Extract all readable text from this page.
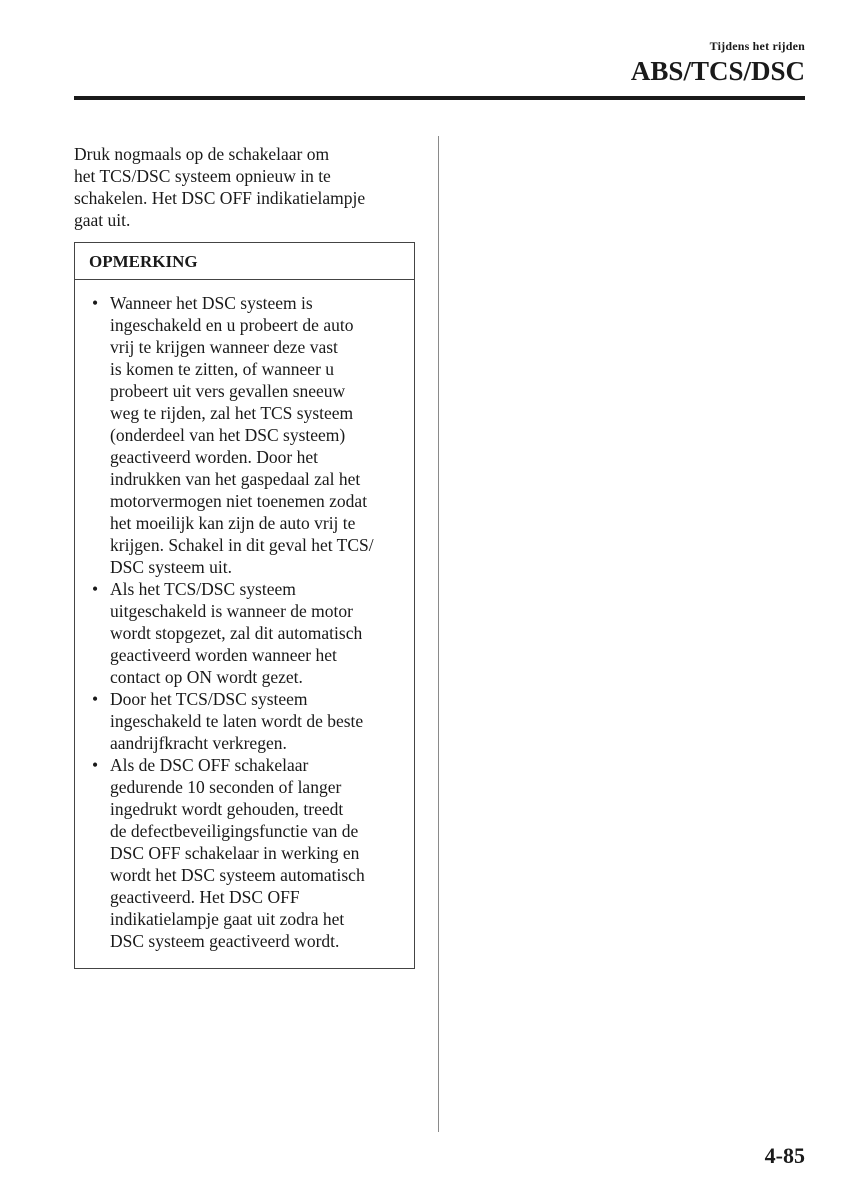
Tijdens het rijden
ABS/TCS/DSC

Druk nogmaals op de schakelaar om
het TCS/DSC systeem opnieuw in te
schakelen. Het DSC OFF indikatielampje
gaat uit.

OPMERKING
• Wanneer het DSC systeem is
ingeschakeld en u probeert de auto
vrij te krijgen wanneer deze vast
is komen te zitten, of wanneer u
probeert uit vers gevallen sneeuw
weg te rijden, zal het TCS systeem
(onderdeel van het DSC systeem)
geactiveerd worden. Door het
indrukken van het gaspedaal zal het
motorvermogen niet toenemen zodat
het moeilijk kan zijn de auto vrij te
krijgen. Schakel in dit geval het TCS/
DSC systeem uit.
• Als het TCS/DSC systeem
uitgeschakeld is wanneer de motor
wordt stopgezet, zal dit automatisch
geactiveerd worden wanneer het
contact op ON wordt gezet.
• Door het TCS/DSC systeem
ingeschakeld te laten wordt de beste
aandrijfkracht verkregen.
• Als de DSC OFF schakelaar
gedurende 10 seconden of langer
ingedrukt wordt gehouden, treedt
de defectbeveiligingsfunctie van de
DSC OFF schakelaar in werking en
wordt het DSC systeem automatisch
geactiveerd. Het DSC OFF
indikatielampje gaat uit zodra het
DSC systeem geactiveerd wordt.
4-85
